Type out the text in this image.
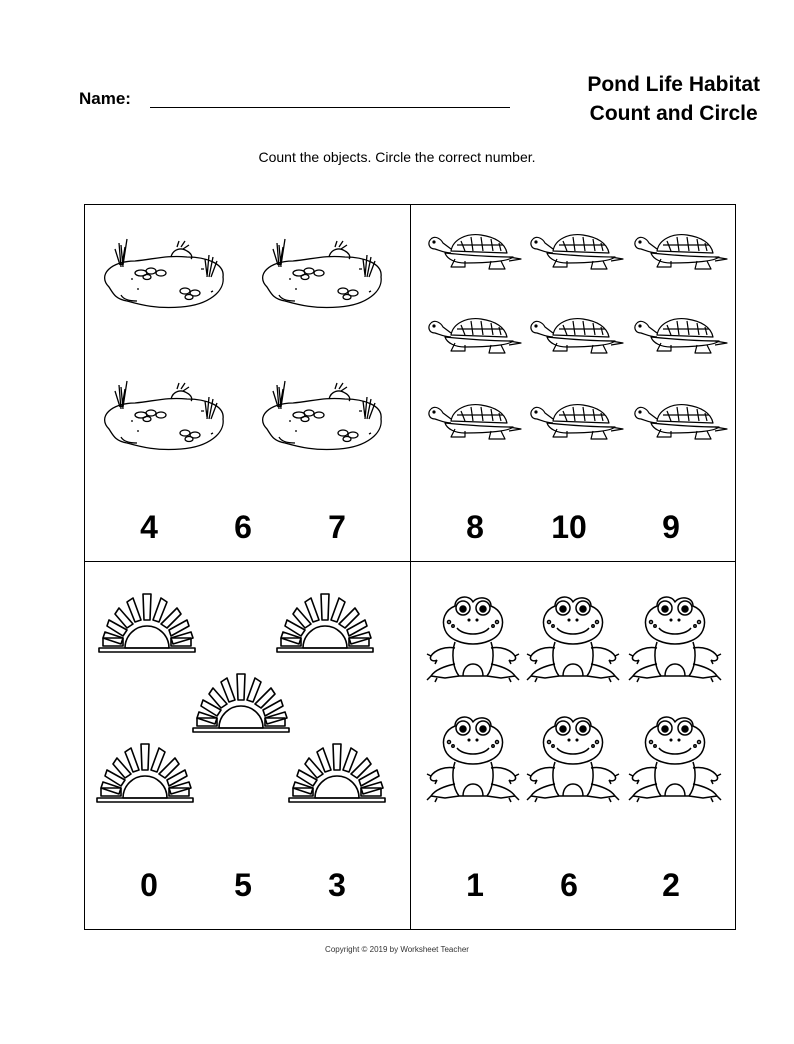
Name:
Pond Life Habitat
Count and Circle
Count the objects. Circle the correct number.
4	6	7	8	10	9
0	5	3	1	6	2
Copyright © 2019 by Worksheet Teacher
